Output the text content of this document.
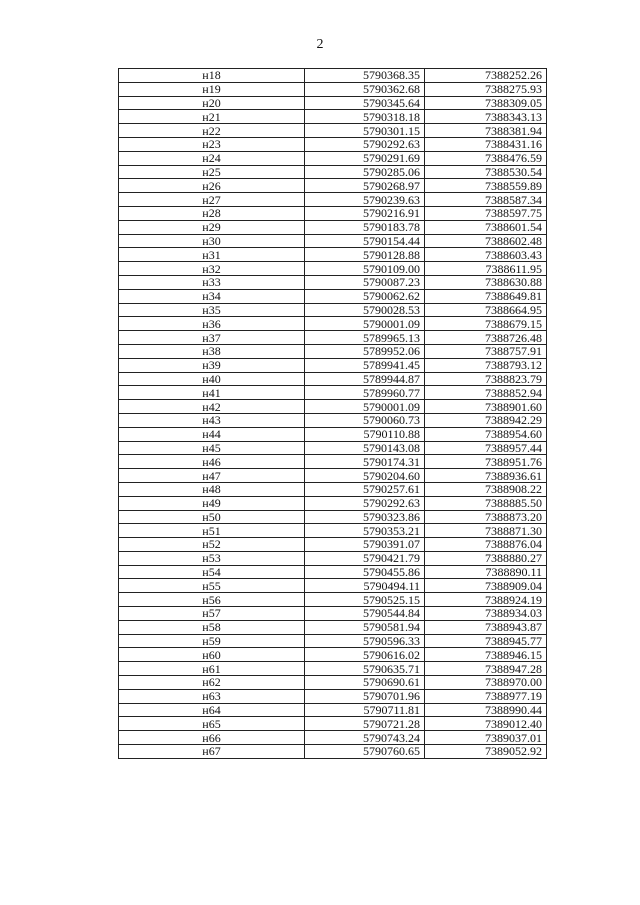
2
н18	5790368.35	7388252.26
н19	5790362.68	7388275.93
н20	5790345.64	7388309.05
н21	5790318.18	7388343.13
н22	5790301.15	7388381.94
н23	5790292.63	7388431.16
н24	5790291.69	7388476.59
н25	5790285.06	7388530.54
н26	5790268.97	7388559.89
н27	5790239.63	7388587.34
н28	5790216.91	7388597.75
н29	5790183.78	7388601.54
н30	5790154.44	7388602.48
н31	5790128.88	7388603.43
н32	5790109.00	7388611.95
н33	5790087.23	7388630.88
н34	5790062.62	7388649.81
н35	5790028.53	7388664.95
н36	5790001.09	7388679.15
н37	5789965.13	7388726.48
н38	5789952.06	7388757.91
н39	5789941.45	7388793.12
н40	5789944.87	7388823.79
н41	5789960.77	7388852.94
н42	5790001.09	7388901.60
н43	5790060.73	7388942.29
н44	5790110.88	7388954.60
н45	5790143.08	7388957.44
н46	5790174.31	7388951.76
н47	5790204.60	7388936.61
н48	5790257.61	7388908.22
н49	5790292.63	7388885.50
н50	5790323.86	7388873.20
н51	5790353.21	7388871.30
н52	5790391.07	7388876.04
н53	5790421.79	7388880.27
н54	5790455.86	7388890.11
н55	5790494.11	7388909.04
н56	5790525.15	7388924.19
н57	5790544.84	7388934.03
н58	5790581.94	7388943.87
н59	5790596.33	7388945.77
н60	5790616.02	7388946.15
н61	5790635.71	7388947.28
н62	5790690.61	7388970.00
н63	5790701.96	7388977.19
н64	5790711.81	7388990.44
н65	5790721.28	7389012.40
н66	5790743.24	7389037.01
н67	5790760.65	7389052.92
